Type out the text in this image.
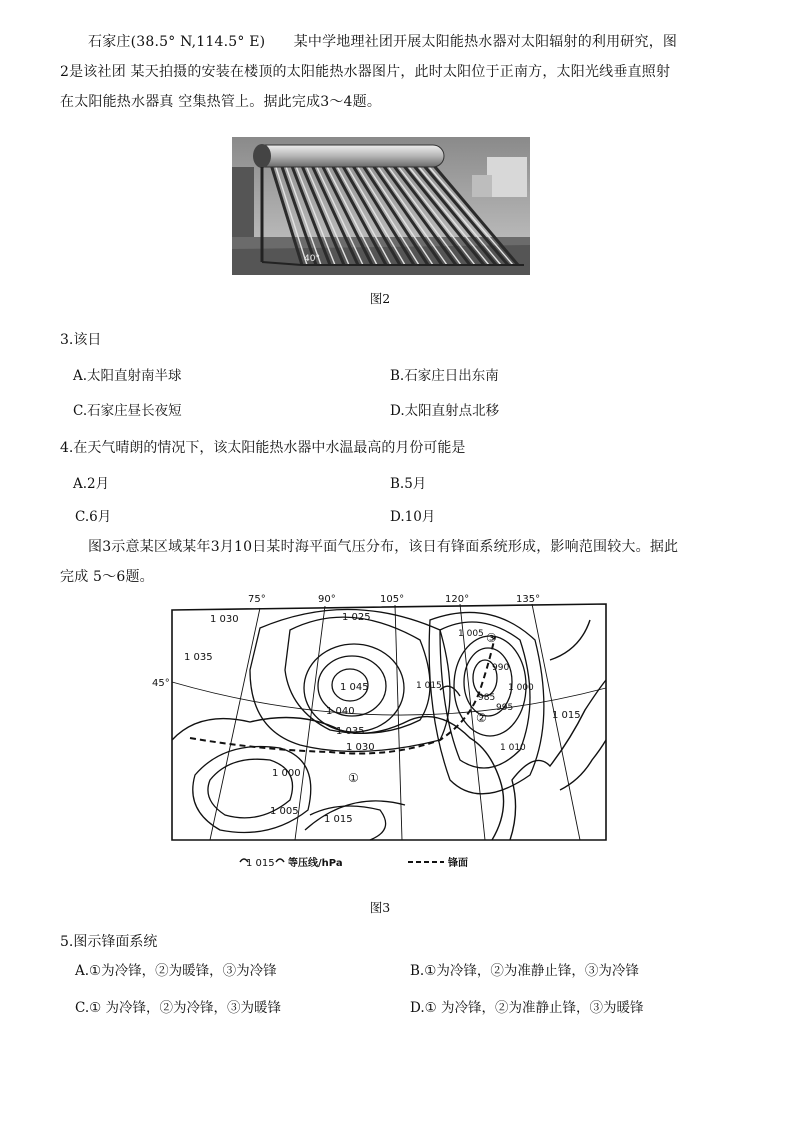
石家庄(38.5° N,114.5° E)　　某中学地理社团开展太阳能热水器对太阳辐射的利用研究，图
2是该社团 某天拍摄的安装在楼顶的太阳能热水器图片，此时太阳位于正南方，太阳光线垂直照射
在太阳能热水器真 空集热管上。据此完成3～4题。
40°
图2
3.该日
A.太阳直射南半球	B.石家庄日出东南
C.石家庄昼长夜短	D.太阳直射点北移
4.在天气晴朗的情况下，该太阳能热水器中水温最高的月份可能是
A.2月	B.5月
C.6月	D.10月
图3示意某区域某年3月10日某时海平面气压分布，该日有锋面系统形成，影响范围较大。据此
完成 5～6题。
75°	90°	105°	120°	135°
45°
1 030	1 025
1 035
1 045
1 040
1 035
1 030
1 005
1 015
985
990
995
1 000
1 010
1 015
1 000
1 005
1 015
①
②
③
1 015 等压线/hPa	锋面
图3
5.图示锋面系统
A.①为冷锋，②为暖锋，③为冷锋	B.①为冷锋，②为准静止锋，③为冷锋
C.① 为冷锋，②为冷锋，③为暖锋	D.① 为冷锋，②为准静止锋，③为暖锋
